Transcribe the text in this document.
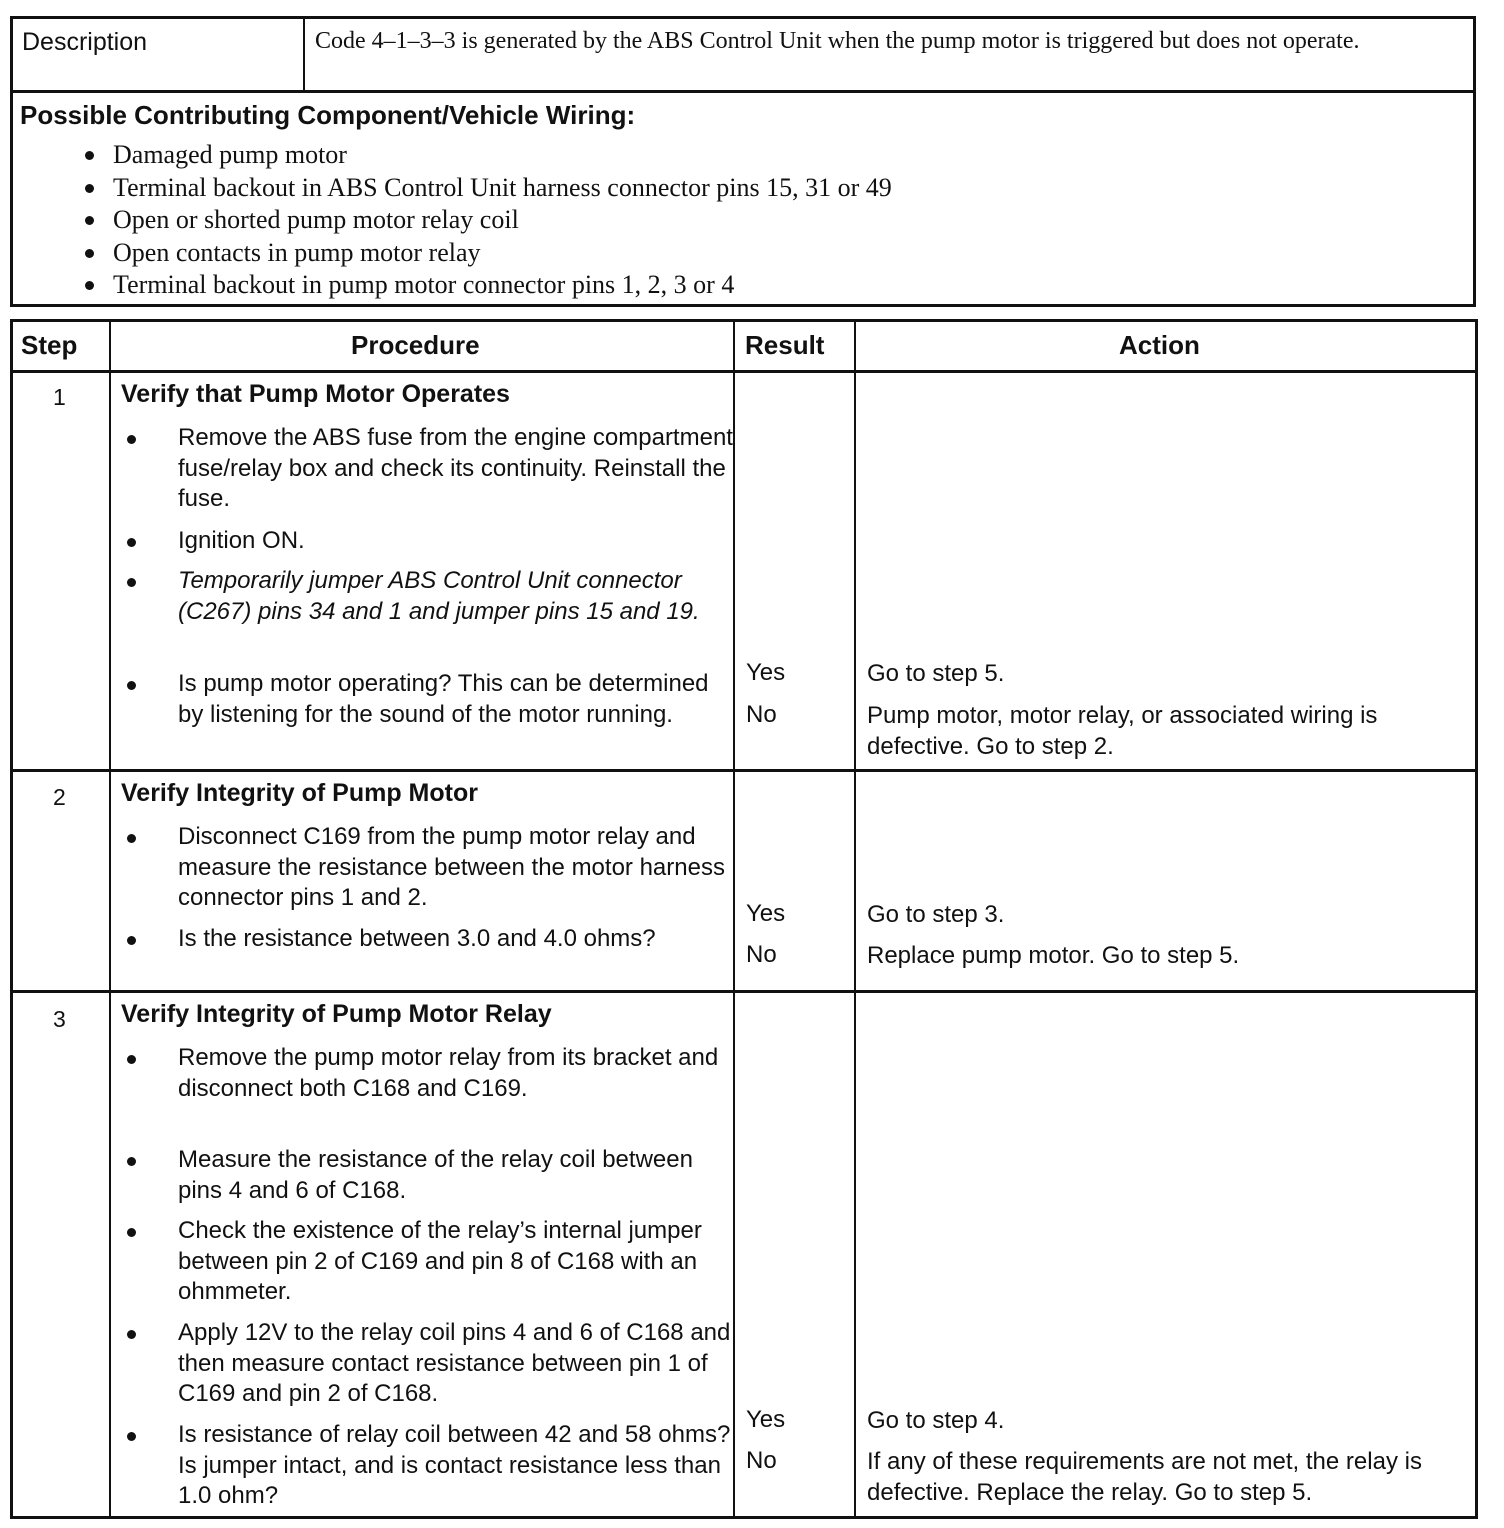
Description	Code 4–1–3–3 is generated by the ABS Control Unit when the pump motor is triggered but does not operate.
Possible Contributing Component/Vehicle Wiring:
Damaged pump motor
Terminal backout in ABS Control Unit harness connector pins 15, 31 or 49
Open or shorted pump motor relay coil
Open contacts in pump motor relay
Terminal backout in pump motor connector pins 1, 2, 3 or 4
Step	Procedure	Result	Action
1 Verify that Pump Motor Operates
Remove the ABS fuse from the engine compartment fuse/relay box and check its continuity. Reinstall the fuse.
Ignition ON.
Temporarily jumper ABS Control Unit connector (C267) pins 34 and 1 and jumper pins 15 and 19.
Is pump motor operating? This can be determined by listening for the sound of the motor running.
Yes	Go to step 5.
No	Pump motor, motor relay, or associated wiring is defective. Go to step 2.
2 Verify Integrity of Pump Motor
Disconnect C169 from the pump motor relay and measure the resistance between the motor harness connector pins 1 and 2.
Is the resistance between 3.0 and 4.0 ohms?
Yes	Go to step 3.
No	Replace pump motor. Go to step 5.
3 Verify Integrity of Pump Motor Relay
Remove the pump motor relay from its bracket and disconnect both C168 and C169.
Measure the resistance of the relay coil between pins 4 and 6 of C168.
Check the existence of the relay’s internal jumper between pin 2 of C169 and pin 8 of C168 with an ohmmeter.
Apply 12V to the relay coil pins 4 and 6 of C168 and then measure contact resistance between pin 1 of C169 and pin 2 of C168.
Is resistance of relay coil between 42 and 58 ohms? Is jumper intact, and is contact resistance less than 1.0 ohm?
Yes	Go to step 4.
No	If any of these requirements are not met, the relay is defective. Replace the relay. Go to step 5.
